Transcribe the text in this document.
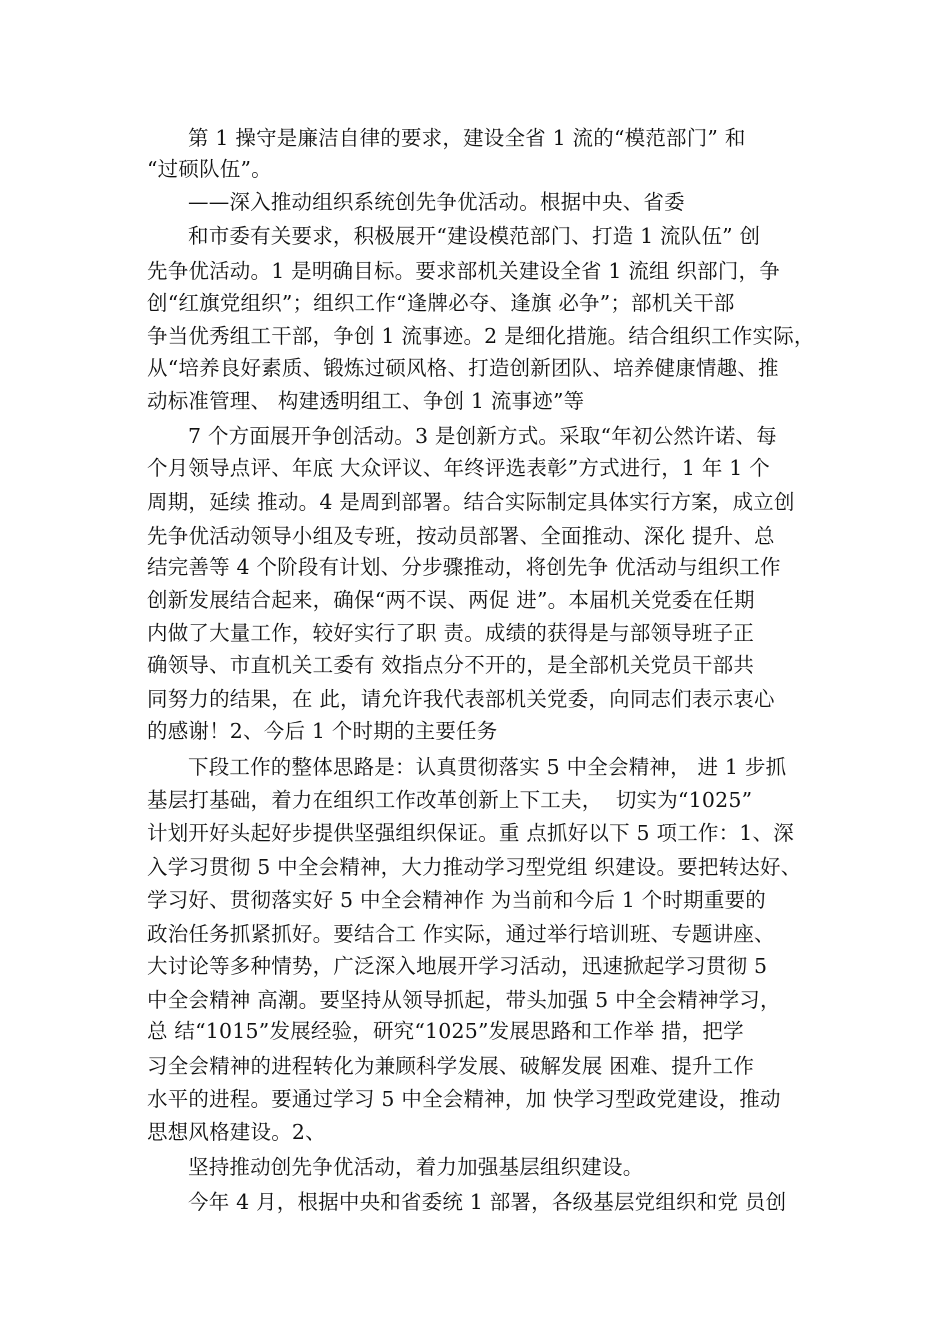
第 1 操守是廉洁自律的要求，建设全省 1 流的“模范部门” 和
“过硕队伍”。
——深入推动组织系统创先争优活动。根据中央、省委
和市委有关要求，积极展开“建设模范部门、打造 1 流队伍” 创
先争优活动。1 是明确目标。要求部机关建设全省 1 流组 织部门，争
创“红旗党组织”；组织工作“逢牌必夺、逢旗 必争”；部机关干部
争当优秀组工干部，争创 1 流事迹。2 是细化措施。结合组织工作实际，
从“培养良好素质、锻炼过硕风格、打造创新团队、培养健康情趣、推
动标准管理、 构建透明组工、争创 1 流事迹”等
7 个方面展开争创活动。3 是创新方式。采取“年初公然许诺、每
个月领导点评、年底 大众评议、年终评选表彰”方式进行，1 年 1 个
周期，延续 推动。4 是周到部署。结合实际制定具体实行方案，成立创
先争优活动领导小组及专班，按动员部署、全面推动、深化 提升、总
结完善等 4 个阶段有计划、分步骤推动，将创先争 优活动与组织工作
创新发展结合起来，确保“两不误、两促 进”。本届机关党委在任期
内做了大量工作，较好实行了职 责。成绩的获得是与部领导班子正
确领导、市直机关工委有 效指点分不开的，是全部机关党员干部共
同努力的结果，在 此，请允许我代表部机关党委，向同志们表示衷心
的感谢！2、今后 1 个时期的主要任务
下段工作的整体思路是：认真贯彻落实 5 中全会精神， 进 1 步抓
基层打基础，着力在组织工作改革创新上下工夫，  切实为“1025”
计划开好头起好步提供坚强组织保证。重 点抓好以下 5 项工作：1、深
入学习贯彻 5 中全会精神，大力推动学习型党组 织建设。要把转达好、
学习好、贯彻落实好 5 中全会精神作 为当前和今后 1 个时期重要的
政治任务抓紧抓好。要结合工 作实际，通过举行培训班、专题讲座、
大讨论等多种情势，广泛深入地展开学习活动，迅速掀起学习贯彻 5
中全会精神 高潮。要坚持从领导抓起，带头加强 5 中全会精神学习，
总 结“1015”发展经验，研究“1025”发展思路和工作举 措，把学
习全会精神的进程转化为兼顾科学发展、破解发展 困难、提升工作
水平的进程。要通过学习 5 中全会精神，加 快学习型政党建设，推动
思想风格建设。2、
坚持推动创先争优活动，着力加强基层组织建设。
今年 4 月，根据中央和省委统 1 部署，各级基层党组织和党 员创
